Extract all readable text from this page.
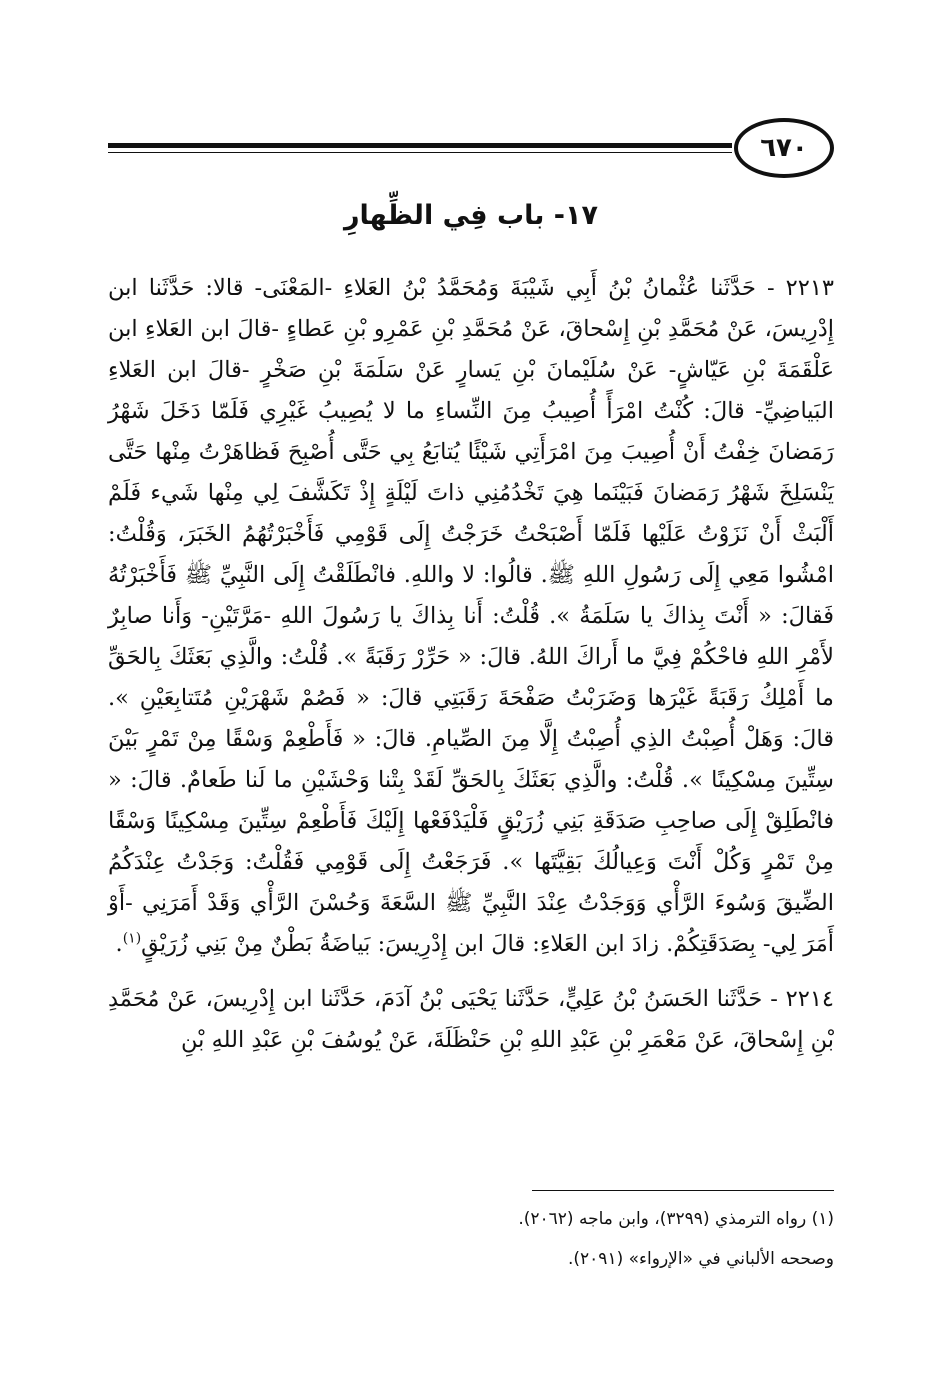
٦٧٠
١٧- باب فِي الظِّهارِ

٢٢١٣ - حَدَّثَنا عُثْمانُ بْنُ أَبِي شَيْبَةَ وَمُحَمَّدُ بْنُ العَلاءِ -المَعْنَى- قالا: حَدَّثَنا ابن إِدْرِيسَ، عَنْ مُحَمَّدِ بْنِ إِسْحاقَ، عَنْ مُحَمَّدِ بْنِ عَمْرِو بْنِ عَطاءٍ -قالَ ابن العَلاءِ ابن عَلْقَمَةَ بْنِ عَيّاشٍ- عَنْ سُلَيْمانَ بْنِ يَسارٍ عَنْ سَلَمَةَ بْنِ صَخْرٍ -قالَ ابن العَلاءِ البَياضِيِّ- قالَ: كُنْتُ امْرَأً أُصِيبُ مِنَ النِّساءِ ما لا يُصِيبُ غَيْرِي فَلَمّا دَخَلَ شَهْرُ رَمَضانَ خِفْتُ أَنْ أُصِيبَ مِنَ امْرَأَتِي شَيْئًا يُتابَعُ بِي حَتَّى أُصْبِحَ فَظاهَرْتُ مِنْها حَتَّى يَنْسَلِخَ شَهْرُ رَمَضانَ فَبَيْنَما هِيَ تَخْدُمُنِي ذاتَ لَيْلَةٍ إِذْ تَكَشَّفَ لِي مِنْها شَيء فَلَمْ أَلْبَثْ أَنْ نَزَوْتُ عَلَيْها فَلَمّا أَصْبَحْتُ خَرَجْتُ إِلَى قَوْمِي فَأَخْبَرْتُهُمُ الخَبَرَ، وَقُلْتُ: امْشُوا مَعِي إِلَى رَسُولِ اللهِ ﷺ. قالُوا: لا واللهِ. فانْطَلَقْتُ إِلَى النَّبِيِّ ﷺ فَأَخْبَرْتُهُ فَقالَ: « أَنْتَ بِذاكَ يا سَلَمَةُ ». قُلْتُ: أَنا بِذاكَ يا رَسُولَ اللهِ -مَرَّتَيْنِ- وَأَنا صابِرٌ لأَمْرِ اللهِ فاحْكُمْ فِيَّ ما أَراكَ اللهُ. قالَ: « حَرِّرْ رَقَبَةً ». قُلْتُ: والَّذِي بَعَثَكَ بِالحَقِّ ما أَمْلِكُ رَقَبَةً غَيْرَها وَضَرَبْتُ صَفْحَةَ رَقَبَتِي قالَ: « فَصُمْ شَهْرَيْنِ مُتَتابِعَيْنِ ». قالَ: وَهَلْ أُصِبْتُ الذِي أُصِبْتُ إِلَّا مِنَ الصِّيامِ. قالَ: « فَأَطْعِمْ وَسْقًا مِنْ تَمْرٍ بَيْنَ سِتِّينَ مِسْكِينًا ». قُلْتُ: والَّذِي بَعَثَكَ بِالحَقِّ لَقَدْ بِتْنا وَحْشَيْنِ ما لَنا طَعامٌ. قالَ: « فانْطَلِقْ إِلَى صاحِبِ صَدَقَةِ بَنِي زُرَيْقٍ فَلْيَدْفَعْها إِلَيْكَ فَأَطْعِمْ سِتِّينَ مِسْكِينًا وَسْقًا مِنْ تَمْرٍ وَكُلْ أَنْتَ وَعِيالُكَ بَقِيَّتَها ». فَرَجَعْتُ إِلَى قَوْمِي فَقُلْتُ: وَجَدْتُ عِنْدَكُمُ الضِّيقَ وَسُوءَ الرَّأْي وَوَجَدْتُ عِنْدَ النَّبِيِّ ﷺ السَّعَةَ وَحُسْنَ الرَّأْي وَقَدْ أَمَرَنِي -أَوْ أَمَرَ لِي- بِصَدَقَتِكُمْ. زادَ ابن العَلاءِ: قالَ ابن إِدْرِيسَ: بَياضَةُ بَطْنٌ مِنْ بَنِي زُرَيْقٍ$^{(١)}$.

٢٢١٤ - حَدَّثَنا الحَسَنُ بْنُ عَلِيٍّ، حَدَّثَنا يَحْيَى بْنُ آدَمَ، حَدَّثَنا ابن إِدْرِيسَ، عَنْ مُحَمَّدِ بْنِ إِسْحاقَ، عَنْ مَعْمَرِ بْنِ عَبْدِ اللهِ بْنِ حَنْظَلَةَ، عَنْ يُوسُفَ بْنِ عَبْدِ اللهِ بْنِ

(١) رواه الترمذي (٣٢٩٩)، وابن ماجه (٢٠٦٢).
وصححه الألباني في «الإرواء» (٢٠٩١).
